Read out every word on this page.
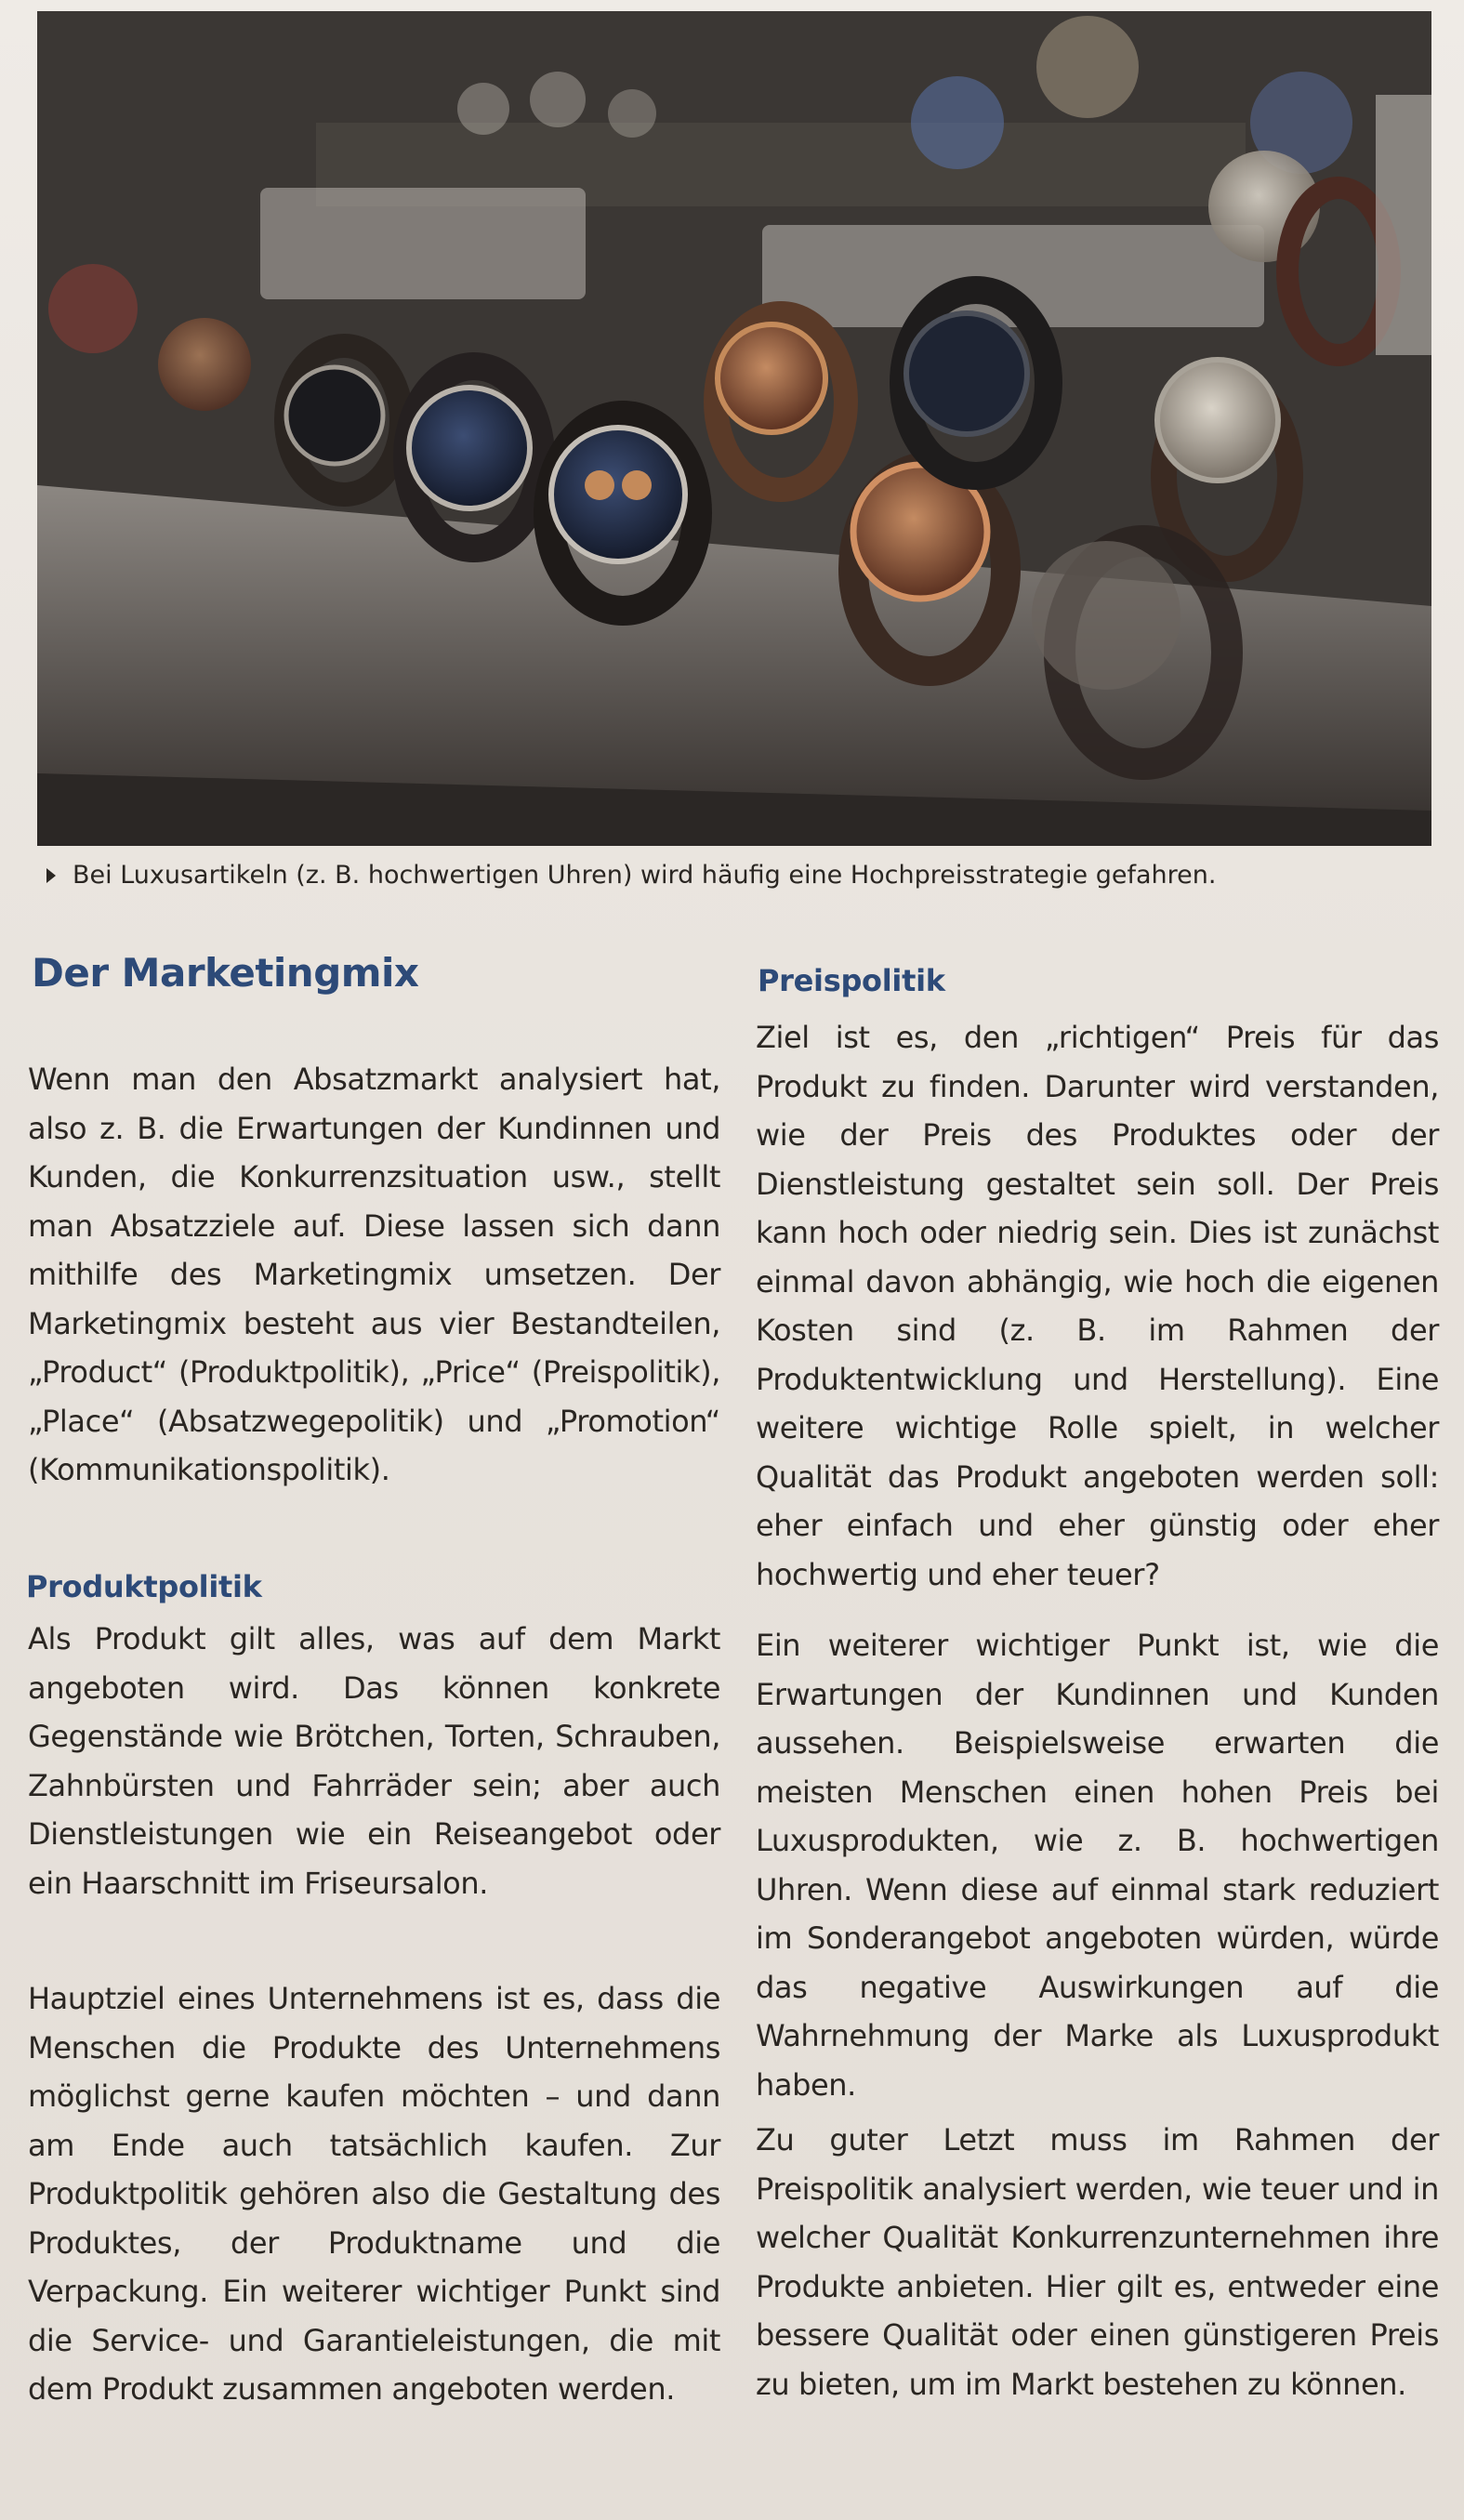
Bei Luxusartikeln (z. B. hochwertigen Uhren) wird häufig eine Hochpreisstrategie gefahren.
Der Marketingmix

Wenn man den Absatzmarkt analysiert hat, also z. B. die Erwartungen der Kundinnen und Kunden, die Konkurrenzsituation usw., stellt man Absatzziele auf. Diese lassen sich dann mithilfe des Marketingmix umsetzen. Der Marketingmix besteht aus vier Bestandteilen, „Product“ (Produktpolitik), „Price“ (Preispolitik), „Place“ (Absatzwegepolitik) und „Promotion“ (Kommunikationspolitik).

Produktpolitik

Als Produkt gilt alles, was auf dem Markt angeboten wird. Das können konkrete Gegenstände wie Brötchen, Torten, Schrauben, Zahnbürsten und Fahrräder sein; aber auch Dienstleistungen wie ein Reiseangebot oder ein Haarschnitt im Friseursalon.

Hauptziel eines Unternehmens ist es, dass die Menschen die Produkte des Unternehmens möglichst gerne kaufen möchten – und dann am Ende auch tatsächlich kaufen. Zur Produktpolitik gehören also die Gestaltung des Produktes, der Produktname und die Verpackung. Ein weiterer wichtiger Punkt sind die Service- und Garantieleistungen, die mit dem Produkt zusammen angeboten werden.

Preispolitik

Ziel ist es, den „richtigen“ Preis für das Produkt zu finden. Darunter wird verstanden, wie der Preis des Produktes oder der Dienstleistung gestaltet sein soll. Der Preis kann hoch oder niedrig sein. Dies ist zunächst einmal davon abhängig, wie hoch die eigenen Kosten sind (z. B. im Rahmen der Produktentwicklung und Herstellung). Eine weitere wichtige Rolle spielt, in welcher Qualität das Produkt angeboten werden soll: eher einfach und eher günstig oder eher hochwertig und eher teuer?

Ein weiterer wichtiger Punkt ist, wie die Erwartungen der Kundinnen und Kunden aussehen. Beispielsweise erwarten die meisten Menschen einen hohen Preis bei Luxusprodukten, wie z. B. hochwertigen Uhren. Wenn diese auf einmal stark reduziert im Sonderangebot angeboten würden, würde das negative Auswirkungen auf die Wahrnehmung der Marke als Luxusprodukt haben.

Zu guter Letzt muss im Rahmen der Preispolitik analysiert werden, wie teuer und in welcher Qualität Konkurrenzunternehmen ihre Produkte anbieten. Hier gilt es, entweder eine bessere Qualität oder einen günstigeren Preis zu bieten, um im Markt bestehen zu können.
